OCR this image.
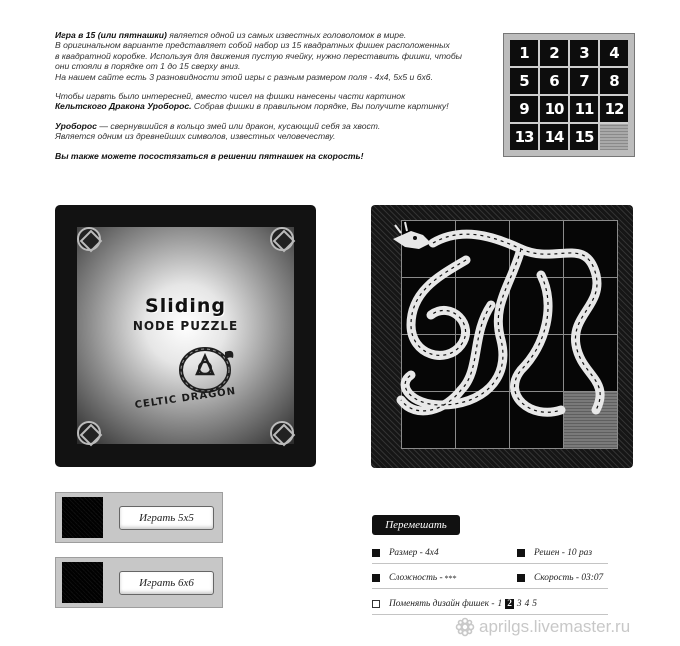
Игра в 15 (или пятнашки) является одной из самых известных головоломок в мире.
В оригинальном варианте представляет собой набор из 15 квадратных фишек расположенных
в квадратной коробке. Используя для движения пустую ячейку, нужно переставить фишки, чтобы
они стояли в порядке от 1 до 15 сверху вниз.
На нашем сайте есть 3 разновидности этой игры с разным размером поля - 4х4, 5х5 и 6х6.

Чтобы игрвть было интересней, вместо чисел на фишки нанесены части картинок
Кельтского Дракона Уроборос. Собрав фишки в правильном порядке, Вы получите картинку!

Уроборос — свернувшийся в кольцо змей или дракон, кусающий себя за хвост.
Является одним из древнейших символов, известных человечеству.

Вы также можете посостязаться в решении пятнашек на скорость!

1	2	3	4
5	6	7	8
9	10 11 12
13 14 15
Sliding
NODE PUZZLE
CELTIC DRAGON
Играть 5х5
Играть 6х6
Перемешать
Размер - 4х4	Решен - 10 раз
Сложность - ***	Скорость - 03:07
Поменять дизайн фишек - 1 2 3 4 5
aprilgs.livemaster.ru
